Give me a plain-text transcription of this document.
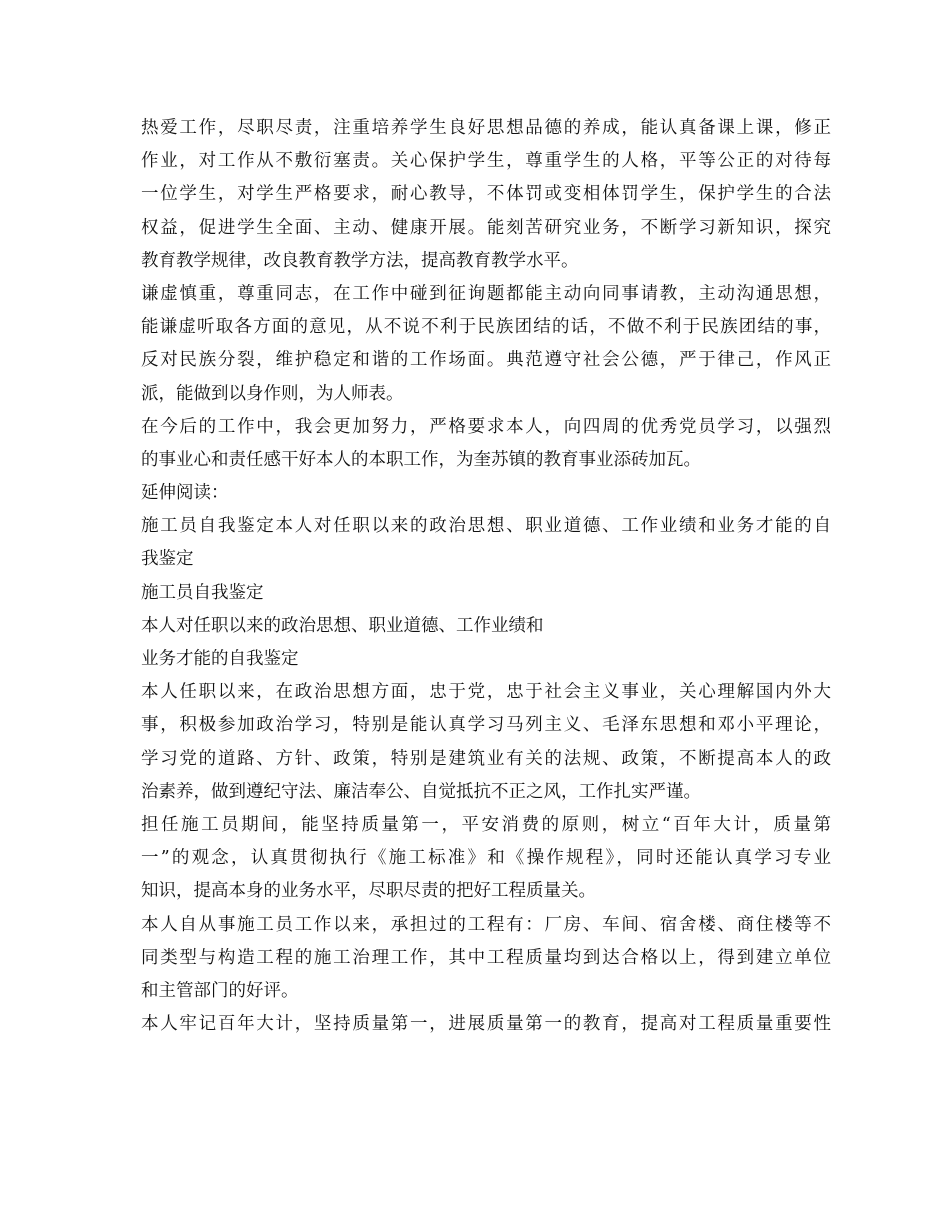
热爱工作，尽职尽责，注重培养学生良好思想品德的养成，能认真备课上课，修正
作业，对工作从不敷衍塞责。关心保护学生，尊重学生的人格，平等公正的对待每
一位学生，对学生严格要求，耐心教导，不体罚或变相体罚学生，保护学生的合法
权益，促进学生全面、主动、健康开展。能刻苦研究业务，不断学习新知识，探究
教育教学规律，改良教育教学方法，提高教育教学水平。
谦虚慎重，尊重同志，在工作中碰到征询题都能主动向同事请教，主动沟通思想，
能谦虚听取各方面的意见，从不说不利于民族团结的话，不做不利于民族团结的事，
反对民族分裂，维护稳定和谐的工作场面。典范遵守社会公德，严于律己，作风正
派，能做到以身作则，为人师表。
在今后的工作中，我会更加努力，严格要求本人，向四周的优秀党员学习，以强烈
的事业心和责任感干好本人的本职工作，为奎苏镇的教育事业添砖加瓦。
延伸阅读：
施工员自我鉴定本人对任职以来的政治思想、职业道德、工作业绩和业务才能的自
我鉴定
施工员自我鉴定
本人对任职以来的政治思想、职业道德、工作业绩和
业务才能的自我鉴定
本人任职以来，在政治思想方面，忠于党，忠于社会主义事业，关心理解国内外大
事，积极参加政治学习，特别是能认真学习马列主义、毛泽东思想和邓小平理论，
学习党的道路、方针、政策，特别是建筑业有关的法规、政策，不断提高本人的政
治素养，做到遵纪守法、廉洁奉公、自觉抵抗不正之风，工作扎实严谨。
担任施工员期间，能坚持质量第一，平安消费的原则，树立“百年大计，质量第
一”的观念，认真贯彻执行《施工标准》和《操作规程》，同时还能认真学习专业
知识，提高本身的业务水平，尽职尽责的把好工程质量关。
本人自从事施工员工作以来，承担过的工程有：厂房、车间、宿舍楼、商住楼等不
同类型与构造工程的施工治理工作，其中工程质量均到达合格以上，得到建立单位
和主管部门的好评。
本人牢记百年大计，坚持质量第一，进展质量第一的教育，提高对工程质量重要性
